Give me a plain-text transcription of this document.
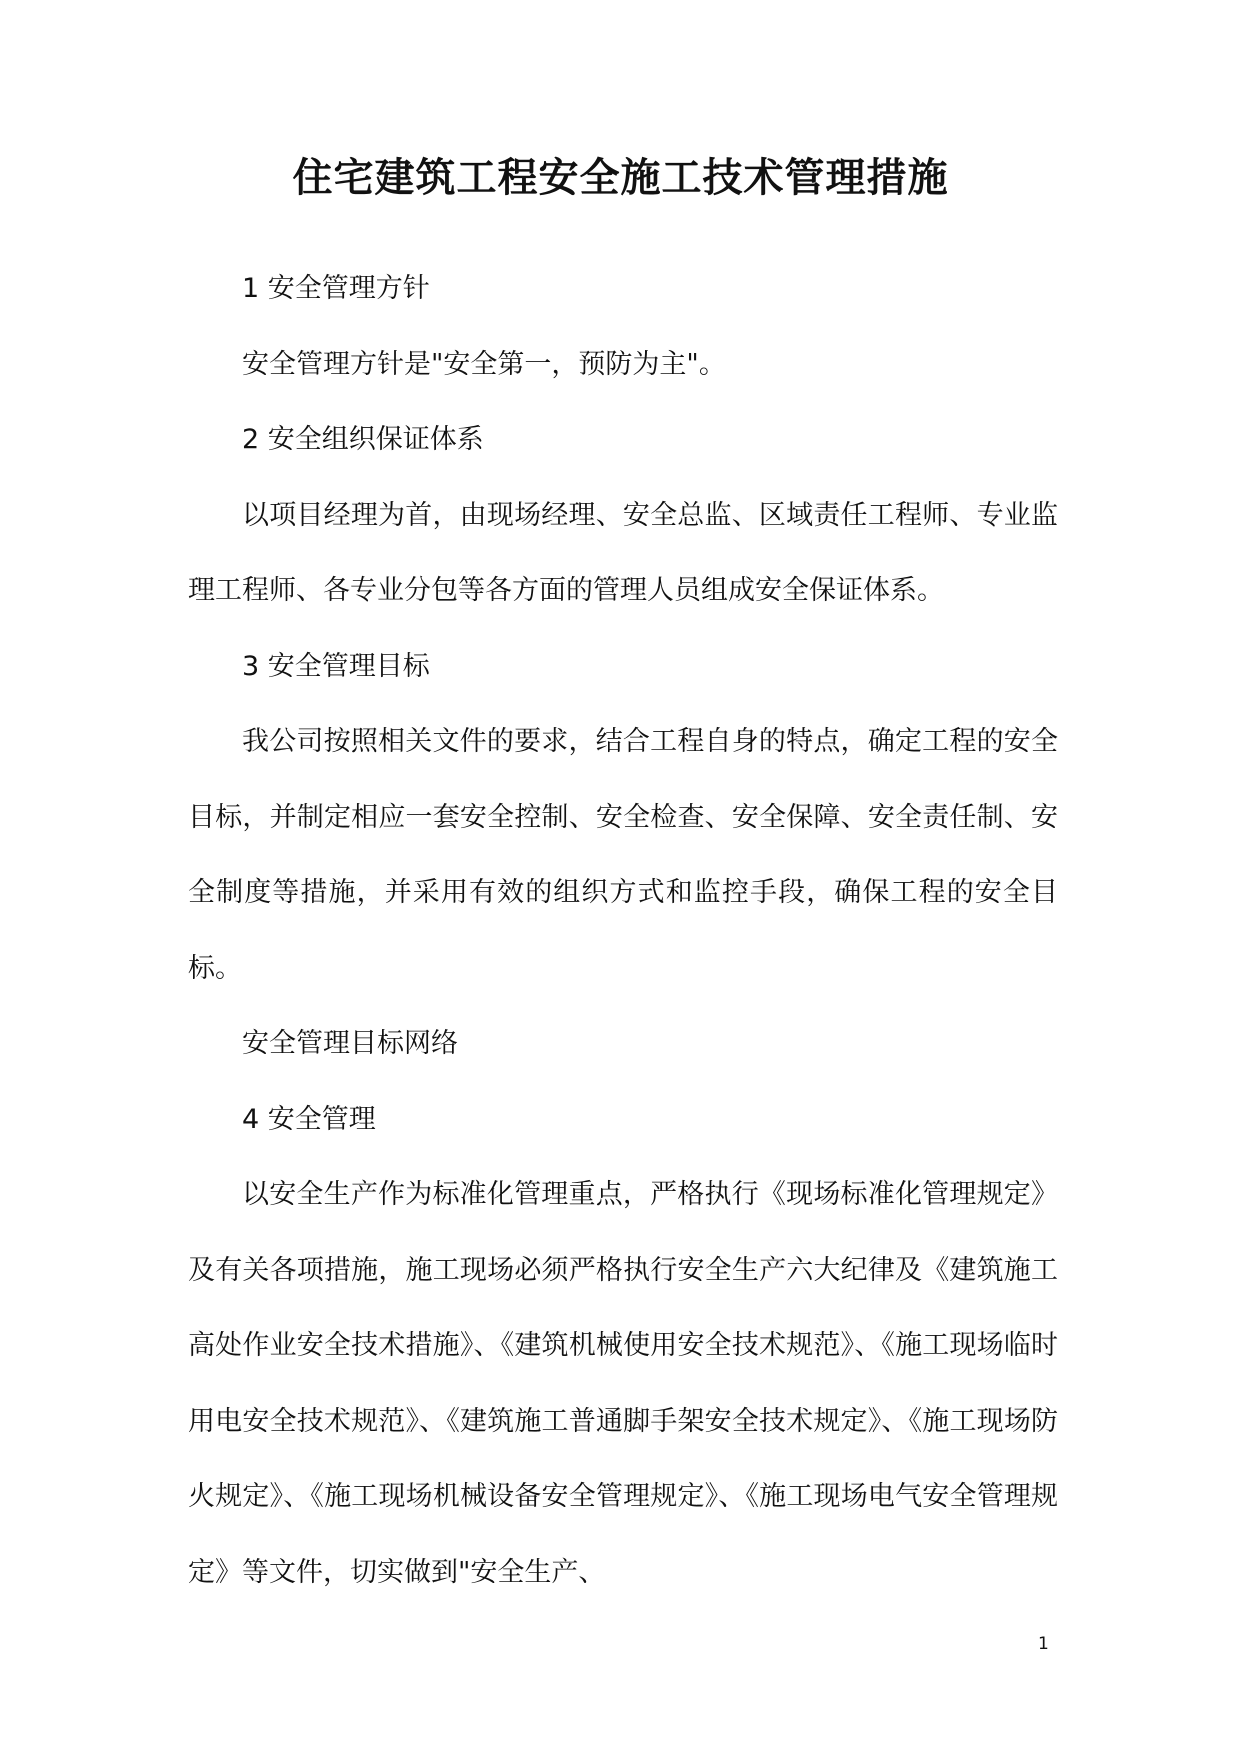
住宅建筑工程安全施工技术管理措施

1 安全管理方针

安全管理方针是"安全第一，预防为主"。

2 安全组织保证体系

以项目经理为首，由现场经理、安全总监、区域责任工程师、专业监理工程师、各专业分包等各方面的管理人员组成安全保证体系。

3 安全管理目标

我公司按照相关文件的要求，结合工程自身的特点，确定工程的安全目标，并制定相应一套安全控制、安全检查、安全保障、安全责任制、安全制度等措施，并采用有效的组织方式和监控手段，确保工程的安全目标。

安全管理目标网络

4 安全管理

以安全生产作为标准化管理重点，严格执行《现场标准化管理规定》及有关各项措施，施工现场必须严格执行安全生产六大纪律及《建筑施工高处作业安全技术措施》、《建筑机械使用安全技术规范》、《施工现场临时用电安全技术规范》、《建筑施工普通脚手架安全技术规定》、《施工现场防火规定》、《施工现场机械设备安全管理规定》、《施工现场电气安全管理规定》等文件，切实做到"安全生产、

1
